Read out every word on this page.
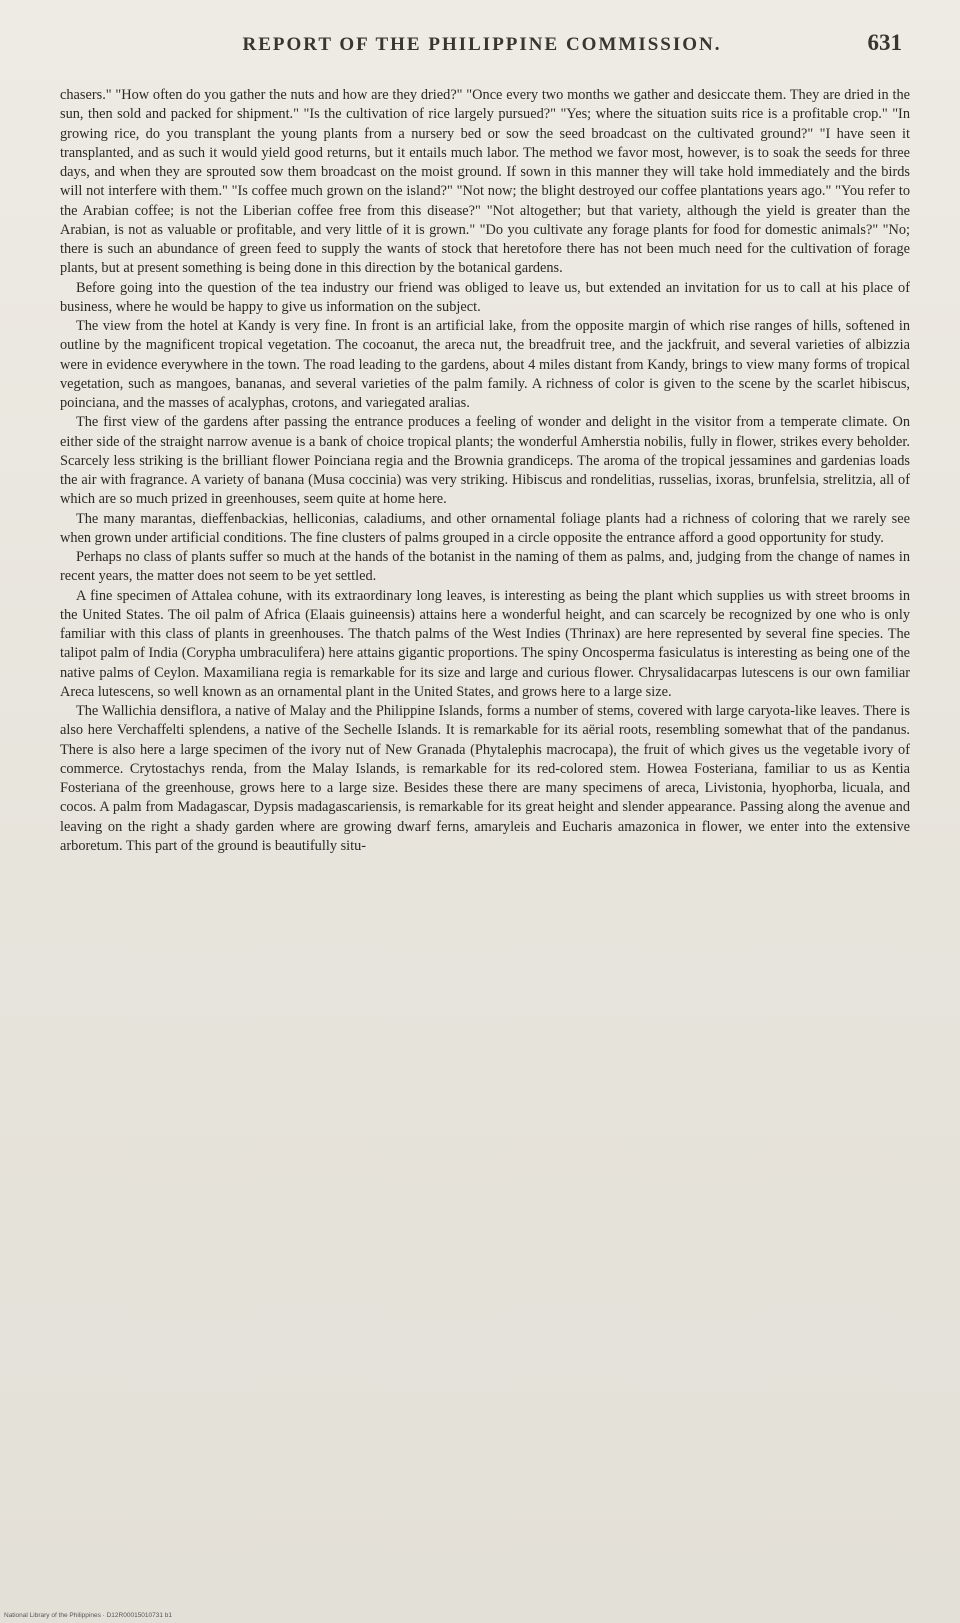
REPORT OF THE PHILIPPINE COMMISSION.	631

chasers." "How often do you gather the nuts and how are they dried?" "Once every two months we gather and desiccate them. They are dried in the sun, then sold and packed for shipment." "Is the cultivation of rice largely pursued?" "Yes; where the situation suits rice is a profitable crop." "In growing rice, do you transplant the young plants from a nursery bed or sow the seed broadcast on the cultivated ground?" "I have seen it transplanted, and as such it would yield good returns, but it entails much labor. The method we favor most, however, is to soak the seeds for three days, and when they are sprouted sow them broadcast on the moist ground. If sown in this manner they will take hold immediately and the birds will not interfere with them." "Is coffee much grown on the island?" "Not now; the blight destroyed our coffee plantations years ago." "You refer to the Arabian coffee; is not the Liberian coffee free from this disease?" "Not altogether; but that variety, although the yield is greater than the Arabian, is not as valuable or profitable, and very little of it is grown." "Do you cultivate any forage plants for food for domestic animals?" "No; there is such an abundance of green feed to supply the wants of stock that heretofore there has not been much need for the cultivation of forage plants, but at present something is being done in this direction by the botanical gardens.

Before going into the question of the tea industry our friend was obliged to leave us, but extended an invitation for us to call at his place of business, where he would be happy to give us information on the subject.

The view from the hotel at Kandy is very fine. In front is an artificial lake, from the opposite margin of which rise ranges of hills, softened in outline by the magnificent tropical vegetation. The cocoanut, the areca nut, the breadfruit tree, and the jackfruit, and several varieties of albizzia were in evidence everywhere in the town. The road leading to the gardens, about 4 miles distant from Kandy, brings to view many forms of tropical vegetation, such as mangoes, bananas, and several varieties of the palm family. A richness of color is given to the scene by the scarlet hibiscus, poinciana, and the masses of acalyphas, crotons, and variegated aralias.

The first view of the gardens after passing the entrance produces a feeling of wonder and delight in the visitor from a temperate climate. On either side of the straight narrow avenue is a bank of choice tropical plants; the wonderful Amherstia nobilis, fully in flower, strikes every beholder. Scarcely less striking is the brilliant flower Poinciana regia and the Brownia grandiceps. The aroma of the tropical jessamines and gardenias loads the air with fragrance. A variety of banana (Musa coccinia) was very striking. Hibiscus and rondelitias, russelias, ixoras, brunfelsia, strelitzia, all of which are so much prized in greenhouses, seem quite at home here.

The many marantas, dieffenbackias, helliconias, caladiums, and other ornamental foliage plants had a richness of coloring that we rarely see when grown under artificial conditions. The fine clusters of palms grouped in a circle opposite the entrance afford a good opportunity for study.

Perhaps no class of plants suffer so much at the hands of the botanist in the naming of them as palms, and, judging from the change of names in recent years, the matter does not seem to be yet settled.

A fine specimen of Attalea cohune, with its extraordinary long leaves, is interesting as being the plant which supplies us with street brooms in the United States. The oil palm of Africa (Elaais guineensis) attains here a wonderful height, and can scarcely be recognized by one who is only familiar with this class of plants in greenhouses. The thatch palms of the West Indies (Thrinax) are here represented by several fine species. The talipot palm of India (Corypha umbraculifera) here attains gigantic proportions. The spiny Oncosperma fasiculatus is interesting as being one of the native palms of Ceylon. Maxamiliana regia is remarkable for its size and large and curious flower. Chrysalidacarpas lutescens is our own familiar Areca lutescens, so well known as an ornamental plant in the United States, and grows here to a large size.

The Wallichia densiflora, a native of Malay and the Philippine Islands, forms a number of stems, covered with large caryota-like leaves. There is also here Verchaffelti splendens, a native of the Sechelle Islands. It is remarkable for its aërial roots, resembling somewhat that of the pandanus. There is also here a large specimen of the ivory nut of New Granada (Phytalephis macrocapa), the fruit of which gives us the vegetable ivory of commerce. Crytostachys renda, from the Malay Islands, is remarkable for its red-colored stem. Howea Fosteriana, familiar to us as Kentia Fosteriana of the greenhouse, grows here to a large size. Besides these there are many specimens of areca, Livistonia, hyophorba, licuala, and cocos. A palm from Madagascar, Dypsis madagascariensis, is remarkable for its great height and slender appearance. Passing along the avenue and leaving on the right a shady garden where are growing dwarf ferns, amaryleis and Eucharis amazonica in flower, we enter into the extensive arboretum. This part of the ground is beautifully situ-

National Library of the Philippines · D12R00015010731 b1
